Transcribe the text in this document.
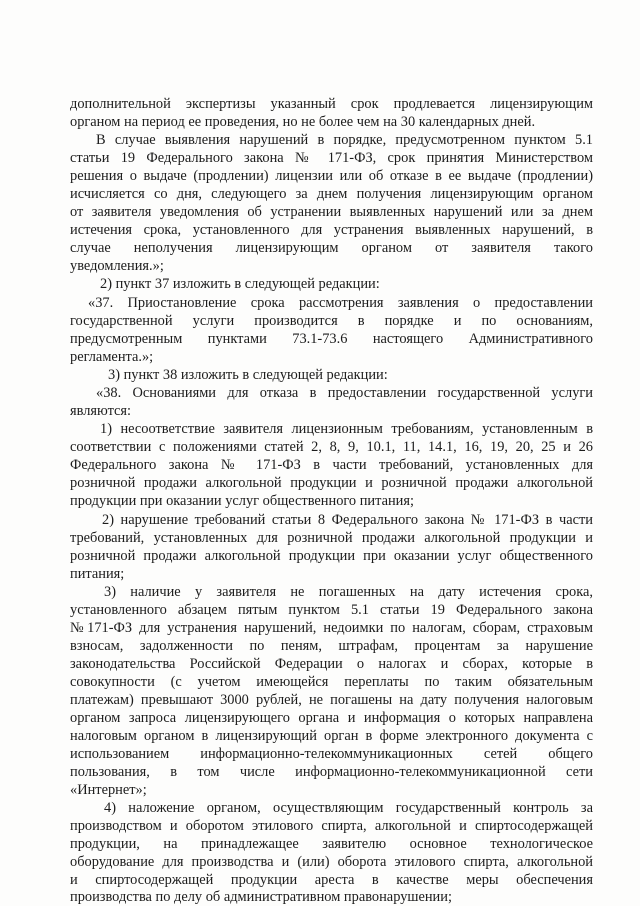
дополнительной экспертизы указанный срок продлевается лицензирующим
органом на период ее проведения, но не более чем на 30 календарных дней.
В случае выявления нарушений в порядке, предусмотренном пунктом 5.1
статьи 19 Федерального закона № 171-ФЗ, срок принятия Министерством
решения о выдаче (продлении) лицензии или об отказе в ее выдаче (продлении)
исчисляется со дня, следующего за днем получения лицензирующим органом
от заявителя уведомления об устранении выявленных нарушений или за днем
истечения срока, установленного для устранения выявленных нарушений, в
случае неполучения лицензирующим органом от заявителя такого
уведомления.»;
2) пункт 37 изложить в следующей редакции:
«37. Приостановление срока рассмотрения заявления о предоставлении
государственной услуги производится в порядке и по основаниям,
предусмотренным пунктами 73.1-73.6 настоящего Административного
регламента.»;
3) пункт 38 изложить в следующей редакции:
«38. Основаниями для отказа в предоставлении государственной услуги
являются:
1) несоответствие заявителя лицензионным требованиям, установленным в
соответствии с положениями статей 2, 8, 9, 10.1, 11, 14.1, 16, 19, 20, 25 и 26
Федерального закона № 171-ФЗ в части требований, установленных для
розничной продажи алкогольной продукции и розничной продажи алкогольной
продукции при оказании услуг общественного питания;
2) нарушение требований статьи 8 Федерального закона № 171-ФЗ в части
требований, установленных для розничной продажи алкогольной продукции и
розничной продажи алкогольной продукции при оказании услуг общественного
питания;
3) наличие у заявителя не погашенных на дату истечения срока,
установленного абзацем пятым пунктом 5.1 статьи 19 Федерального закона
№171-ФЗ для устранения нарушений, недоимки по налогам, сборам, страховым
взносам, задолженности по пеням, штрафам, процентам за нарушение
законодательства Российской Федерации о налогах и сборах, которые в
совокупности (с учетом имеющейся переплаты по таким обязательным
платежам) превышают 3000 рублей, не погашены на дату получения налоговым
органом запроса лицензирующего органа и информация о которых направлена
налоговым органом в лицензирующий орган в форме электронного документа с
использованием информационно-телекоммуникационных сетей общего
пользования, в том числе информационно-телекоммуникационной сети
«Интернет»;
4) наложение органом, осуществляющим государственный контроль за
производством и оборотом этилового спирта, алкогольной и спиртосодержащей
продукции, на принадлежащее заявителю основное технологическое
оборудование для производства и (или) оборота этилового спирта, алкогольной
и спиртосодержащей продукции ареста в качестве меры обеспечения
производства по делу об административном правонарушении;
